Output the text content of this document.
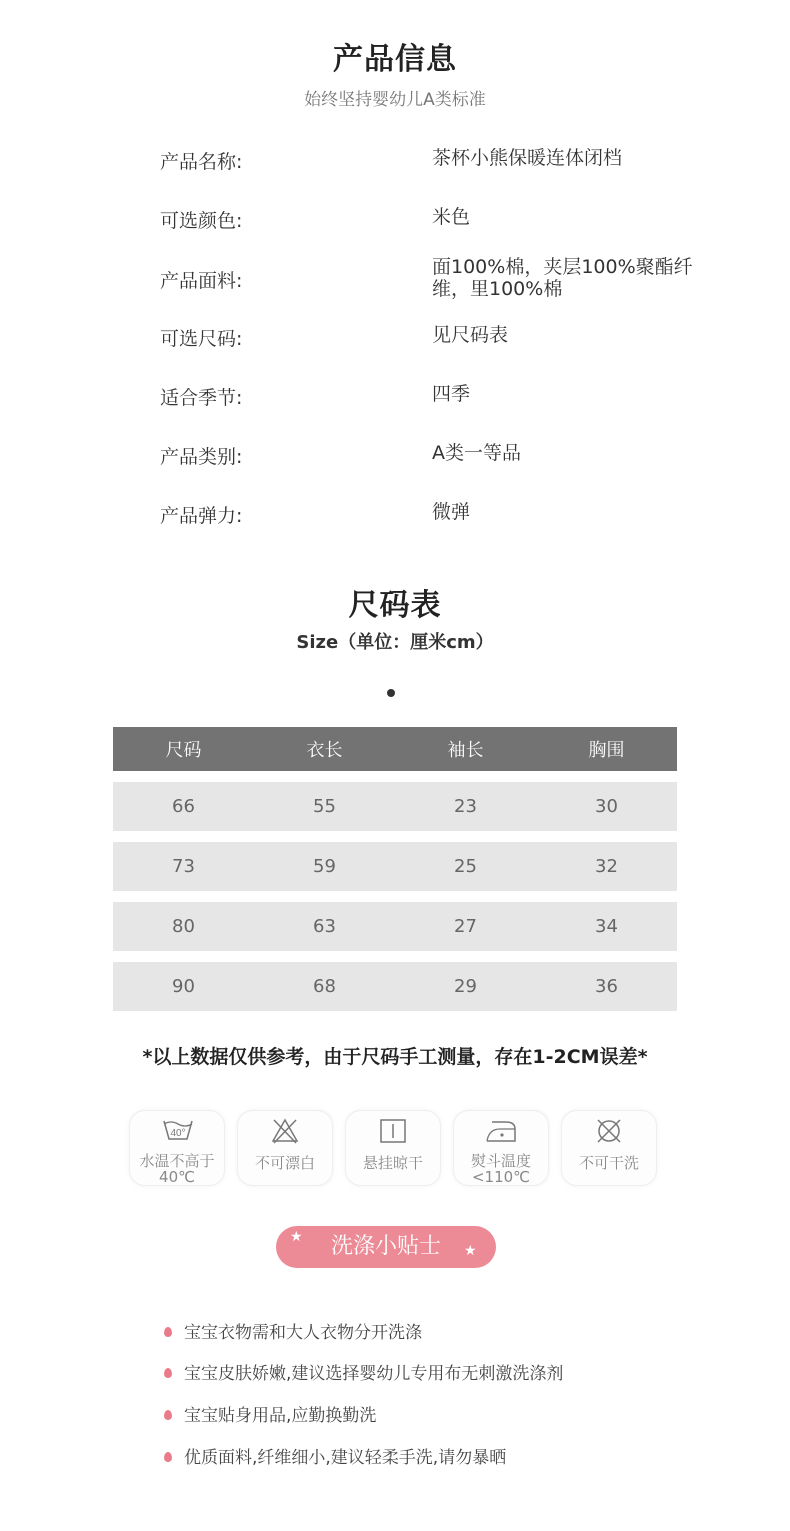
产品信息
始终坚持婴幼儿A类标准
产品名称:	茶杯小熊保暖连体闭档
可选颜色:	米色
产品面料:
面100%棉，夹层100%聚酯纤维，里100%棉
可选尺码:	见尺码表
适合季节:	四季
产品类别:	A类一等品
产品弹力:	微弹
尺码表
Size（单位：厘米cm）
尺码	衣长	袖长	胸围
66	55	23	30
73	59	25	32
80	63	27	34
90	68	29	36
*以上数据仅供参考，由于尺码手工测量，存在1-2CM误差*
40°
水温不高于40℃
不可漂白	悬挂晾干	熨斗温度<110℃
不可干洗
洗涤小贴士
★
★
宝宝衣物需和大人衣物分开洗涤
宝宝皮肤娇嫩,建议选择婴幼儿专用布无刺激洗涤剂
宝宝贴身用品,应勤换勤洗
优质面料,纤维细小,建议轻柔手洗,请勿暴晒
